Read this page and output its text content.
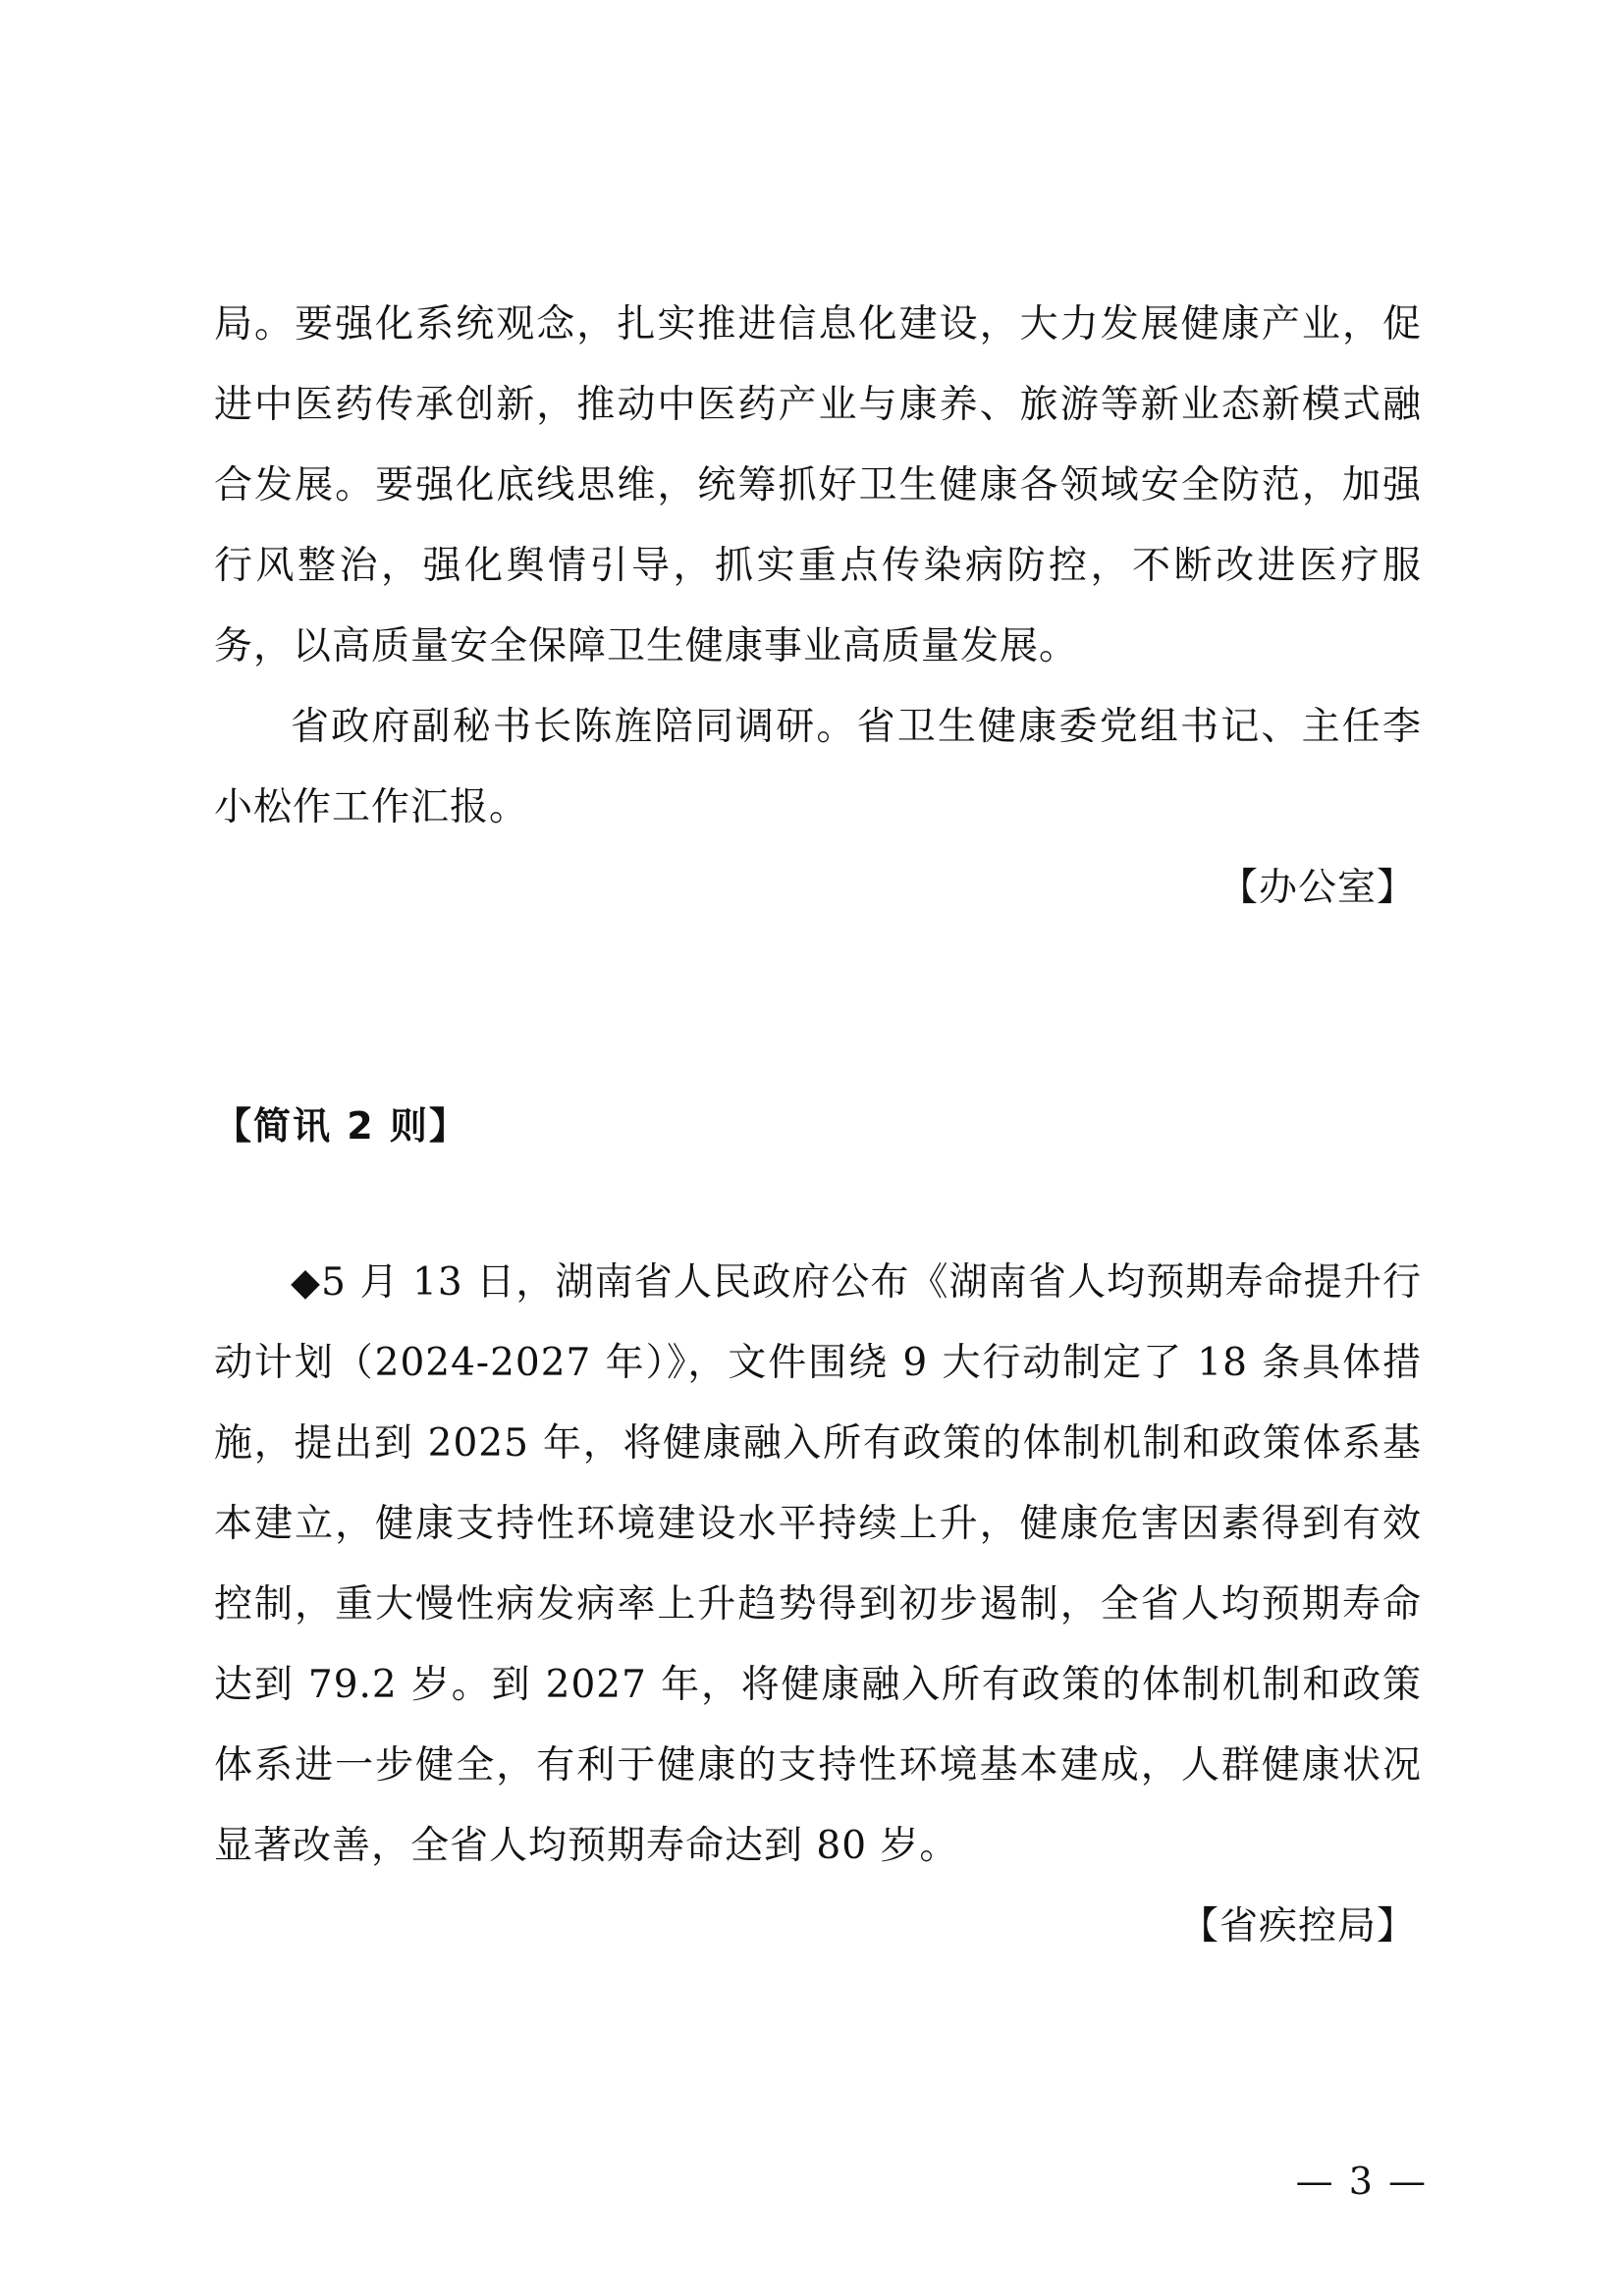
局。要强化系统观念，扎实推进信息化建设，大力发展健康产业，促进中医药传承创新，推动中医药产业与康养、旅游等新业态新模式融合发展。要强化底线思维，统筹抓好卫生健康各领域安全防范，加强行风整治，强化舆情引导，抓实重点传染病防控，不断改进医疗服务，以高质量安全保障卫生健康事业高质量发展。

省政府副秘书长陈旌陪同调研。省卫生健康委党组书记、主任李小松作工作汇报。

【办公室】

【简讯 2 则】

◆5 月 13 日，湖南省人民政府公布《湖南省人均预期寿命提升行动计划（2024-2027 年）》，文件围绕 9 大行动制定了 18 条具体措施，提出到 2025 年，将健康融入所有政策的体制机制和政策体系基本建立，健康支持性环境建设水平持续上升，健康危害因素得到有效控制，重大慢性病发病率上升趋势得到初步遏制，全省人均预期寿命达到 79.2 岁。到 2027 年，将健康融入所有政策的体制机制和政策体系进一步健全，有利于健康的支持性环境基本建成，人群健康状况显著改善，全省人均预期寿命达到 80 岁。

【省疾控局】

— 3 —
